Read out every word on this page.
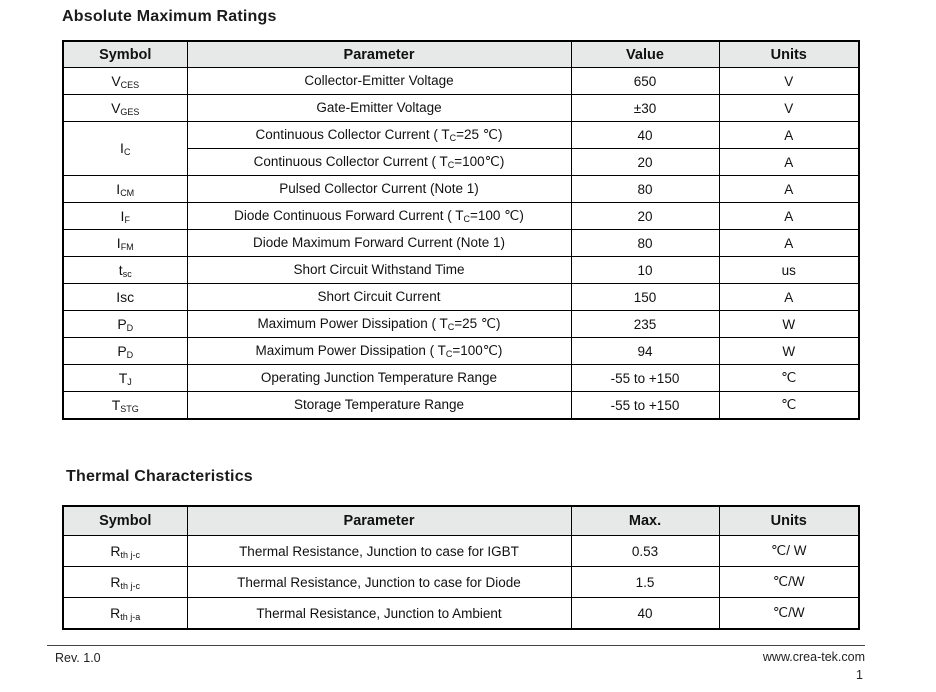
Absolute Maximum Ratings
Symbol	Parameter	Value	Units
$V_{CES}$	Collector-Emitter Voltage	650	V
$V_{GES}$	Gate-Emitter Voltage	±30	V
$I_C$	Continuous Collector Current ( $T_C=25$ ℃)	40	A
	Continuous Collector Current ( $T_C=100℃$)	20	A
$I_{CM}$	Pulsed Collector Current (Note 1)	80	A
$I_F$	Diode Continuous Forward Current ( $T_C=100$ ℃)	20	A
$I_{FM}$	Diode Maximum Forward Current (Note 1)	80	A
$t_{sc}$	Short Circuit Withstand Time	10	us
Isc	Short Circuit Current	150	A
$P_D$	Maximum Power Dissipation ( $T_C=25$ ℃)	235	W
$P_D$	Maximum Power Dissipation ( $T_C=100℃$)	94	W
$T_J$	Operating Junction Temperature Range	-55 to +150	℃
$T_{STG}$	Storage Temperature Range	-55 to +150	℃
Thermal Characteristics
Symbol	Parameter	Max.	Units
$R_{th j-c}$	Thermal Resistance, Junction to case for IGBT	0.53	℃/ W
$R_{th j-c}$	Thermal Resistance, Junction to case for Diode	1.5	℃/W
$R_{th j-a}$	Thermal Resistance, Junction to Ambient	40	℃/W
Rev. 1.0	www.crea-tek.com
1
